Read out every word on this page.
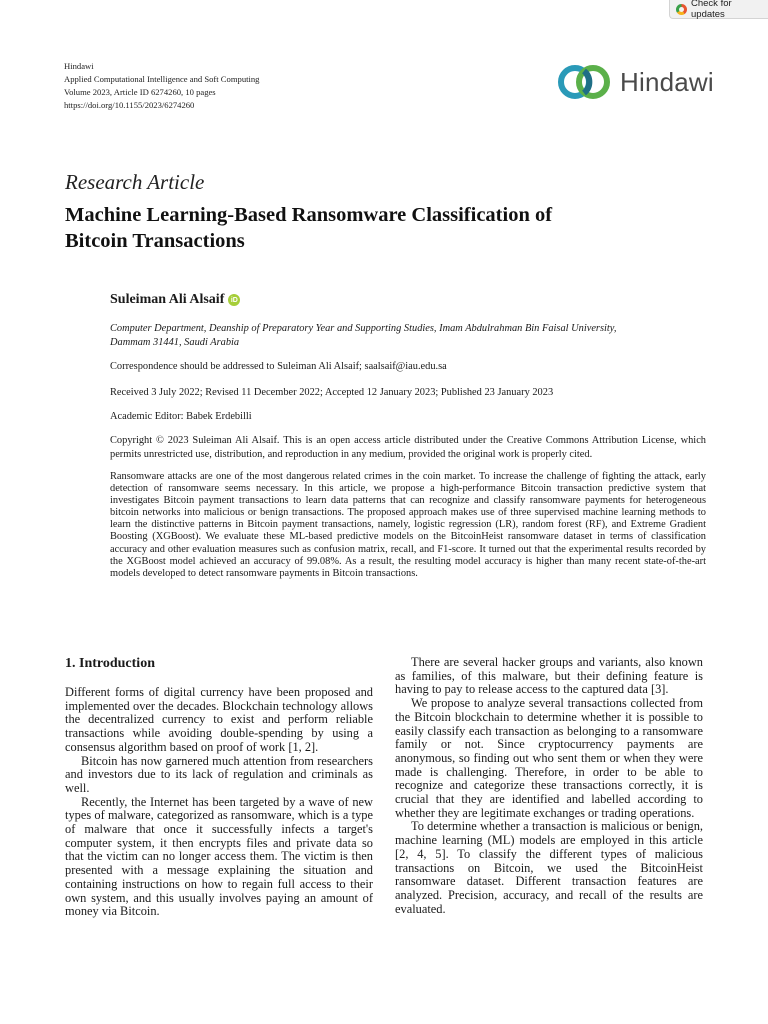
Check for updates
Hindawi
Applied Computational Intelligence and Soft Computing
Volume 2023, Article ID 6274260, 10 pages
https://doi.org/10.1155/2023/6274260
Hindawi
Research Article
Machine Learning-Based Ransomware Classification of
Bitcoin Transactions
Suleiman Ali Alsaif iD
Computer Department, Deanship of Preparatory Year and Supporting Studies, Imam Abdulrahman Bin Faisal University,
Dammam 31441, Saudi Arabia
Correspondence should be addressed to Suleiman Ali Alsaif; saalsaif@iau.edu.sa
Received 3 July 2022; Revised 11 December 2022; Accepted 12 January 2023; Published 23 January 2023
Academic Editor: Babek Erdebilli
Copyright © 2023 Suleiman Ali Alsaif. This is an open access article distributed under the Creative Commons Attribution License, which permits unrestricted use, distribution, and reproduction in any medium, provided the original work is properly cited.
Ransomware attacks are one of the most dangerous related crimes in the coin market. To increase the challenge of fighting the attack, early detection of ransomware seems necessary. In this article, we propose a high-performance Bitcoin transaction predictive system that investigates Bitcoin payment transactions to learn data patterns that can recognize and classify ransomware payments for heterogeneous bitcoin networks into malicious or benign transactions. The proposed approach makes use of three supervised machine learning methods to learn the distinctive patterns in Bitcoin payment transactions, namely, logistic regression (LR), random forest (RF), and Extreme Gradient Boosting (XGBoost). We evaluate these ML-based predictive models on the BitcoinHeist ransomware dataset in terms of classification accuracy and other evaluation measures such as confusion matrix, recall, and F1-score. It turned out that the experimental results recorded by the XGBoost model achieved an accuracy of 99.08%. As a result, the resulting model accuracy is higher than many recent state-of-the-art models developed to detect ransomware payments in Bitcoin transactions.
1. Introduction

Different forms of digital currency have been proposed and implemented over the decades. Blockchain technology allows the decentralized currency to exist and perform reliable transactions while avoiding double-spending by using a consensus algorithm based on proof of work [1, 2].

Bitcoin has now garnered much attention from researchers and investors due to its lack of regulation and criminals as well.

Recently, the Internet has been targeted by a wave of new types of malware, categorized as ransomware, which is a type of malware that once it successfully infects a target's computer system, it then encrypts files and private data so that the victim can no longer access them. The victim is then presented with a message explaining the situation and containing instructions on how to regain full access to their own system, and this usually involves paying an amount of money via Bitcoin.

There are several hacker groups and variants, also known as families, of this malware, but their defining feature is having to pay to release access to the captured data [3].

We propose to analyze several transactions collected from the Bitcoin blockchain to determine whether it is possible to easily classify each transaction as belonging to a ransomware family or not. Since cryptocurrency payments are anonymous, so finding out who sent them or when they were made is challenging. Therefore, in order to be able to recognize and categorize these transactions correctly, it is crucial that they are identified and labelled according to whether they are legitimate exchanges or trading operations.

To determine whether a transaction is malicious or benign, machine learning (ML) models are employed in this article [2, 4, 5]. To classify the different types of malicious transactions on Bitcoin, we used the BitcoinHeist ransomware dataset. Different transaction features are analyzed. Precision, accuracy, and recall of the results are evaluated.
